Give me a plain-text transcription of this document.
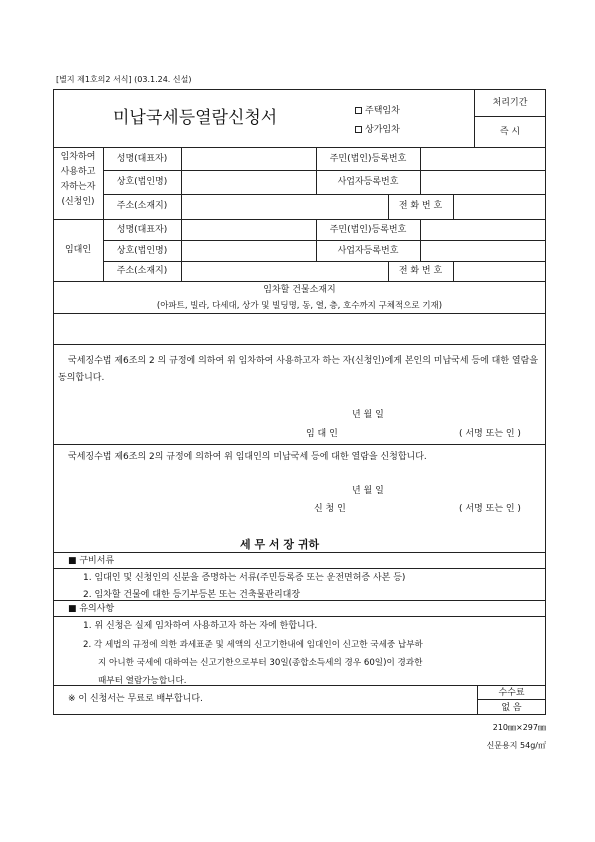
[별지 제1호의2 서식] (03.1.24. 신설)
미납국세등열람신청서	주택임차
상가임차
처리기간
즉 시
임차하여
사용하고
자하는자
(신청인)
성명(대표자)	주민(법인)등록번호
상호(법인명)	사업자등록번호
주소(소재지)	전 화 번 호
임대인
성명(대표자)	주민(법인)등록번호
상호(법인명)	사업자등록번호
주소(소재지)	전 화 번 호
임차할 건물소재지
(아파트, 빌라, 다세대, 상가 및 빌딩명, 동, 열, 층, 호수까지 구체적으로 기재)
국세징수법 제6조의 2 의 규정에 의하여 위 임차하여 사용하고자 하는 자(신청인)에게 본인의 미납국세 등에 대한 열람을 동의합니다.
년 월 일
임 대 인	( 서명 또는 인 )
국세징수법 제6조의 2의 규정에 의하여 위 임대인의 미납국세 등에 대한 열람을 신청합니다.
년 월 일
신 청 인	( 서명 또는 인 )
세 무 서 장 귀하
■ 구비서류
1. 임대인 및 신청인의 신분을 증명하는 서류(주민등록증 또는 운전면허증 사본 등)
2. 임차할 건물에 대한 등기부등본 또는 건축물관리대장
■ 유의사항
1. 위 신청은 실제 임차하여 사용하고자 하는 자에 한합니다.
2. 각 세법의 규정에 의한 과세표준 및 세액의 신고기한내에 임대인이 신고한 국세중 납부하
지 아니한 국세에 대하여는 신고기한으로부터 30일(종합소득세의 경우 60일)이 경과한
때부터 열람가능합니다.
※ 이 신청서는 무료로 배부합니다.
수수료
없 음
210㎜×297㎜
신문용지 54g/㎡
